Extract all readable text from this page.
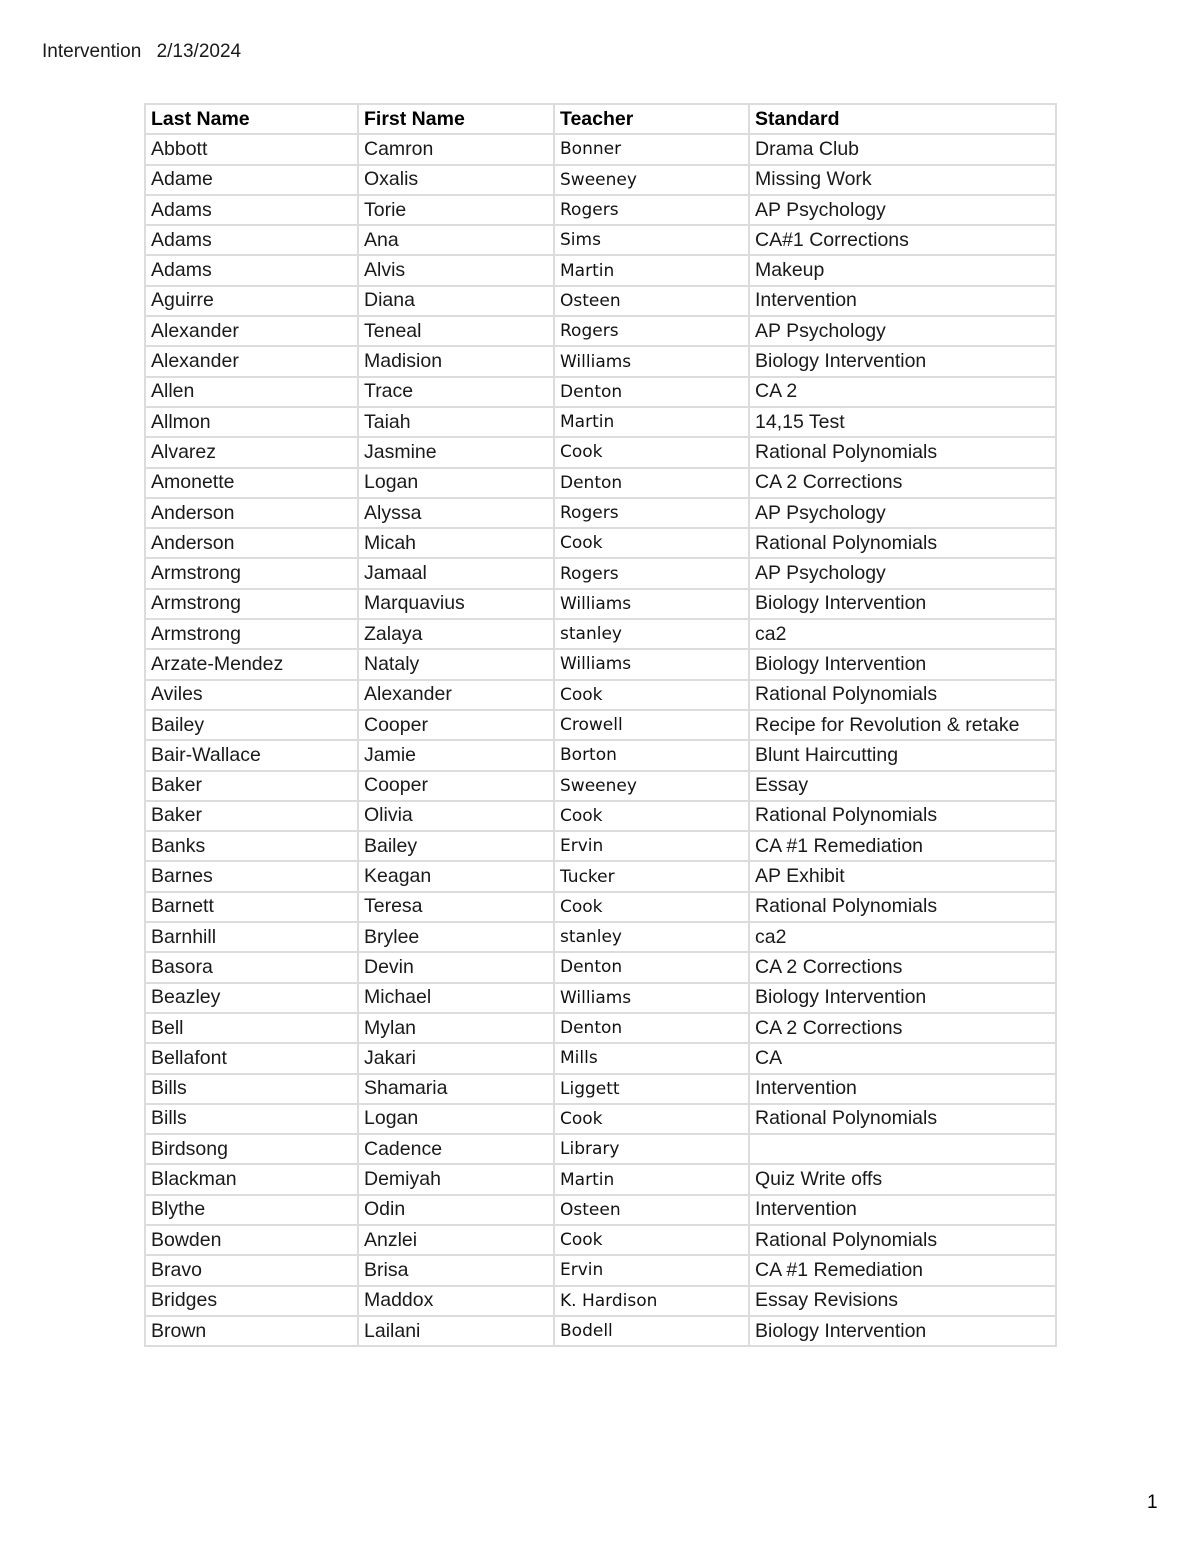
Intervention 2/13/2024
Last Name	First Name	Teacher	Standard
Abbott	Camron	Bonner	Drama Club
Adame	Oxalis	Sweeney	Missing Work
Adams	Torie	Rogers	AP Psychology
Adams	Ana	Sims	CA#1 Corrections
Adams	Alvis	Martin	Makeup
Aguirre	Diana	Osteen	Intervention
Alexander	Teneal	Rogers	AP Psychology
Alexander	Madision	Williams	Biology Intervention
Allen	Trace	Denton	CA 2
Allmon	Taiah	Martin	14,15 Test
Alvarez	Jasmine	Cook	Rational Polynomials
Amonette	Logan	Denton	CA 2 Corrections
Anderson	Alyssa	Rogers	AP Psychology
Anderson	Micah	Cook	Rational Polynomials
Armstrong	Jamaal	Rogers	AP Psychology
Armstrong	Marquavius	Williams	Biology Intervention
Armstrong	Zalaya	stanley	ca2
Arzate-Mendez	Nataly	Williams	Biology Intervention
Aviles	Alexander	Cook	Rational Polynomials
Bailey	Cooper	Crowell	Recipe for Revolution & retake
Bair-Wallace	Jamie	Borton	Blunt Haircutting
Baker	Cooper	Sweeney	Essay
Baker	Olivia	Cook	Rational Polynomials
Banks	Bailey	Ervin	CA #1 Remediation
Barnes	Keagan	Tucker	AP Exhibit
Barnett	Teresa	Cook	Rational Polynomials
Barnhill	Brylee	stanley	ca2
Basora	Devin	Denton	CA 2 Corrections
Beazley	Michael	Williams	Biology Intervention
Bell	Mylan	Denton	CA 2 Corrections
Bellafont	Jakari	Mills	CA
Bills	Shamaria	Liggett	Intervention
Bills	Logan	Cook	Rational Polynomials
Birdsong	Cadence	Library	
Blackman	Demiyah	Martin	Quiz Write offs
Blythe	Odin	Osteen	Intervention
Bowden	Anzlei	Cook	Rational Polynomials
Bravo	Brisa	Ervin	CA #1 Remediation
Bridges	Maddox	K. Hardison	Essay Revisions
Brown	Lailani	Bodell	Biology Intervention
1
